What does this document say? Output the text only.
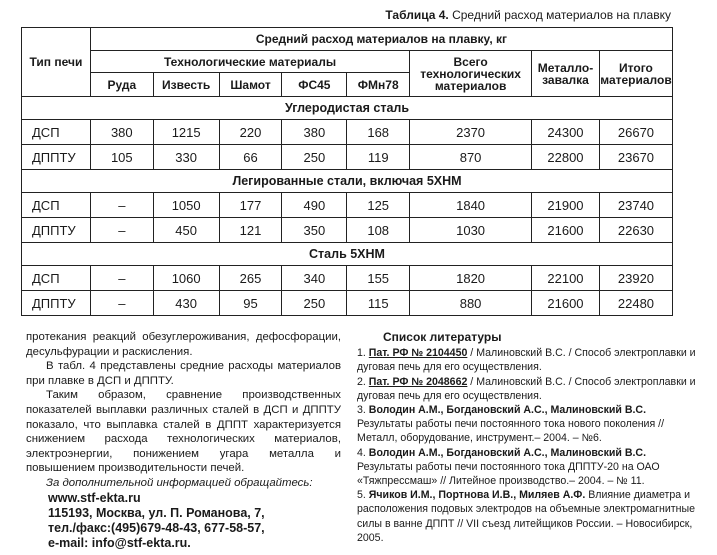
Таблица 4. Средний расход материалов на плавку
Тип печи	Средний расход материалов на плавку, кг							
	Технологические материалы					Всего технологических материалов	Металло-завалка	Итого материалов
	Руда	Известь	Шамот	ФС45	ФМн78			
Углеродистая сталь								
ДСП	380	1215	220	380	168	2370	24300	26670
ДППТУ	105	330	66	250	119	870	22800	23670
Легированные стали, включая 5ХНМ								
ДСП	–	1050	177	490	125	1840	21900	23740
ДППТУ	–	450	121	350	108	1030	21600	22630
Сталь 5ХНМ								
ДСП	–	1060	265	340	155	1820	22100	23920
ДППТУ	–	430	95	250	115	880	21600	22480

протекания реакций обезуглероживания, дефосфорации, десульфурации и раскисления.

В табл. 4 представлены средние расходы материалов при плавке в ДСП и ДППТУ.

Таким образом, сравнение производственных показателей выплавки различных сталей в ДСП и ДППТУ показало, что выплавка сталей в ДППТ характеризуется снижением расхода технологических материалов, электроэнергии, понижением угара металла и повышением производительности печей.

За дополнительной информацией обращайтесь:

www.stf-ekta.ru
115193, Москва, ул. П. Романова, 7,
тел./факс:(495)679-48-43, 677-58-57,
e-mail: info@stf-ekta.ru.
Список литературы

1. Пат. РФ № 2104450 / Малиновский В.С. / Способ электроплавки и дуговая печь для его осуществления.

2. Пат. РФ № 2048662 / Малиновский В.С. / Способ электроплавки и дуговая печь для его осуществления.

3. Володин А.М., Богдановский А.С., Малиновский В.С. Результаты работы печи постоянного тока нового поколения // Металл, оборудование, инструмент.– 2004. – №6.

4. Володин А.М., Богдановский А.С., Малиновский В.С. Результаты работы печи постоянного тока ДППТУ-20 на ОАО «Тяжпрессмаш» // Литейное производство.– 2004. – № 11.

5. Ячиков И.М., Портнова И.В., Миляев А.Ф. Влияние диаметра и расположения подовых электродов на объемные электромагнитные силы в ванне ДППТ // VII съезд литейщиков России. – Новосибирск, 2005.
